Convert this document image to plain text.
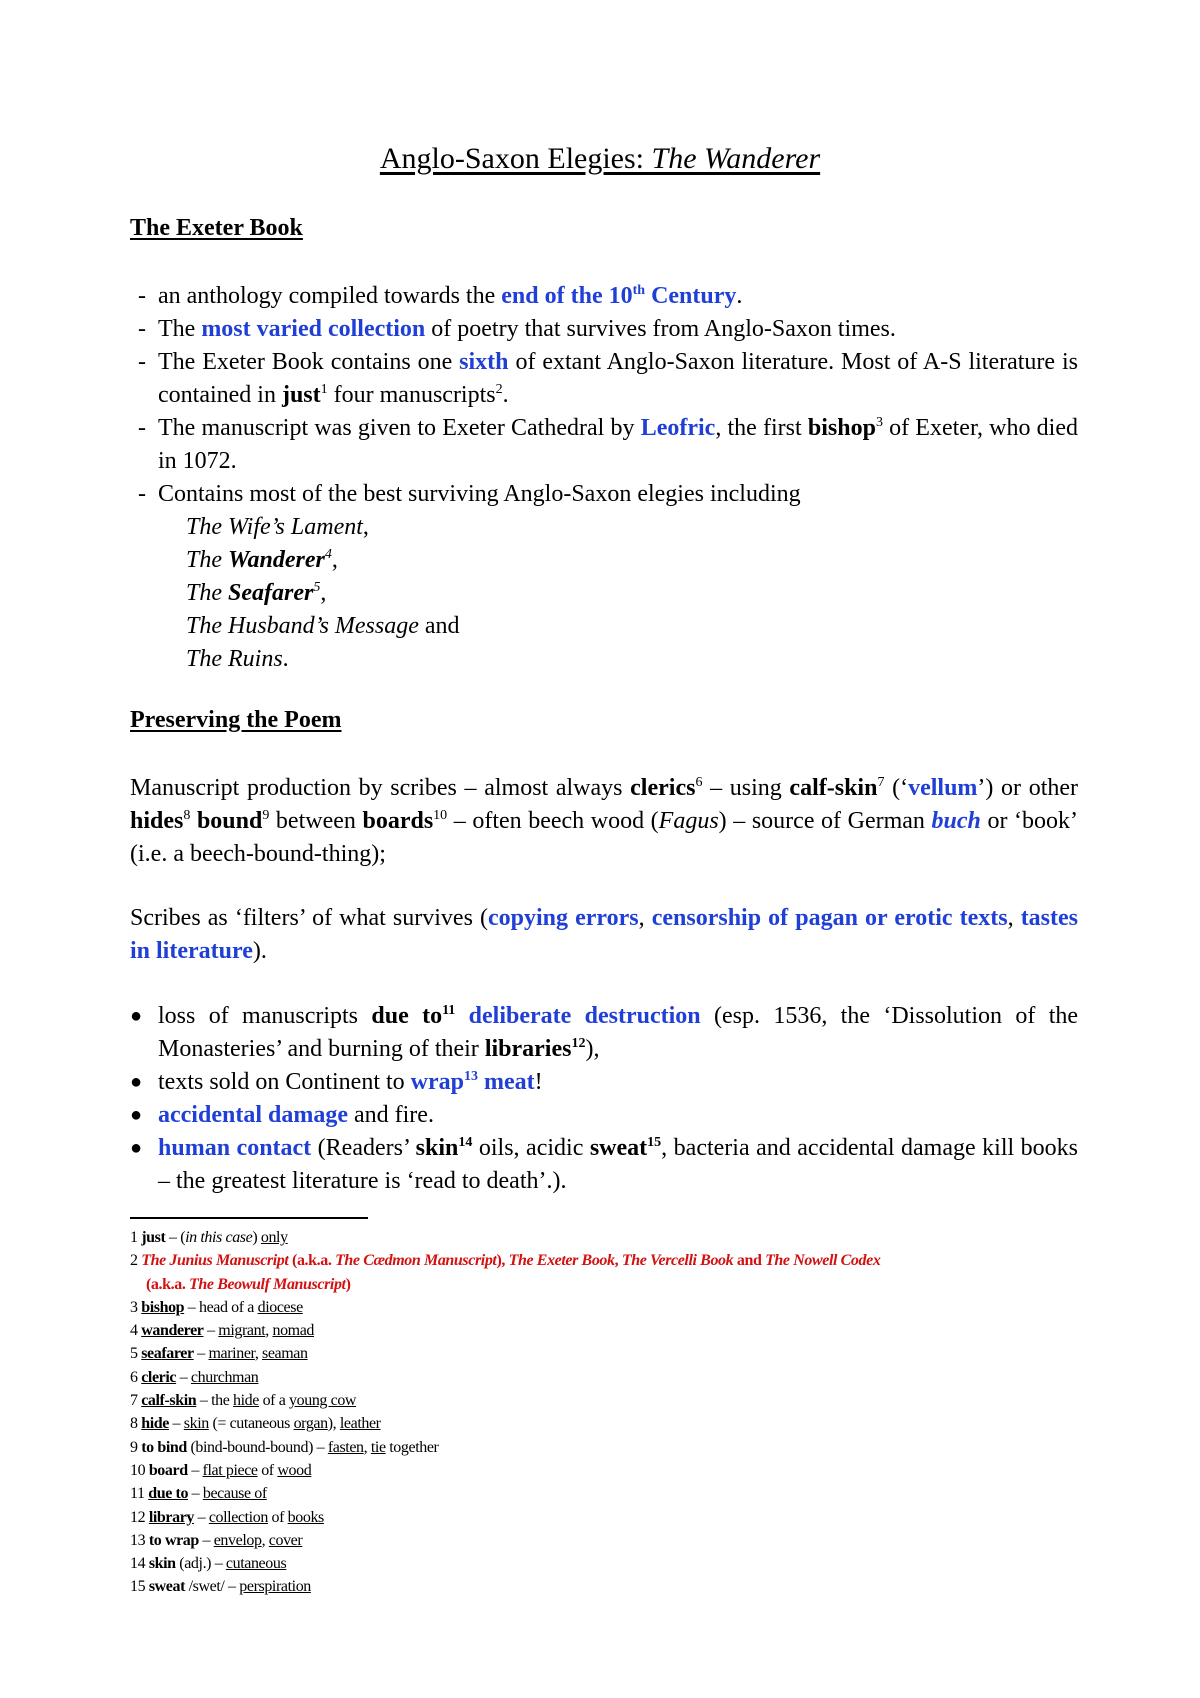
Anglo-Saxon Elegies: The Wanderer
The Exeter Book
- an anthology compiled towards the end of the 10th Century.
- The most varied collection of poetry that survives from Anglo-Saxon times.
- The Exeter Book contains one sixth of extant Anglo-Saxon literature. Most of A-S literature is contained in just$^1$ four manuscripts$^2$.
- The manuscript was given to Exeter Cathedral by Leofric, the first bishop$^3$ of Exeter, who died in 1072.
- Contains most of the best surviving Anglo-Saxon elegies including
The Wife’s Lament,
The Wanderer$^4$,
The Seafarer$^5$,
The Husband’s Message and
The Ruins.
Preserving the Poem

Manuscript production by scribes – almost always clerics$^6$ – using calf-skin$^7$ (‘vellum’) or other hides$^8$ bound$^9$ between boards$^{10}$ – often beech wood (Fagus) – source of German buch or ‘book’ (i.e. a beech-bound-thing);

Scribes as ‘filters’ of what survives (copying errors, censorship of pagan or erotic texts, tastes in literature).

● loss of manuscripts due $to^{11}$ deliberate destruction (esp. 1536, the ‘Dissolution of the Monasteries’ and burning of their libraries$^{12}$),
● texts sold on Continent to wrap$^{13}$ meat!
● accidental damage and fire.
● human contact (Readers’ skin$^{14}$ oils, acidic sweat$^{15}$, bacteria and accidental damage kill books – the greatest literature is ‘read to death’.).
1 just – (in this case) only
2 The Junius Manuscript (a.k.a. The Cædmon Manuscript), The Exeter Book, The Vercelli Book and The Nowell Codex
(a.k.a. The Beowulf Manuscript)
3 bishop – head of a diocese
4 wanderer – migrant, nomad
5 seafarer – mariner, seaman
6 cleric – churchman
7 calf-skin – the hide of a young cow
8 hide – skin (= cutaneous organ), leather
9 to bind (bind-bound-bound) – fasten, tie together
10 board – flat piece of wood
11 due to – because of
12 library – collection of books
13 to wrap – envelop, cover
14 skin (adj.) – cutaneous
15 sweat /swet/ – perspiration
